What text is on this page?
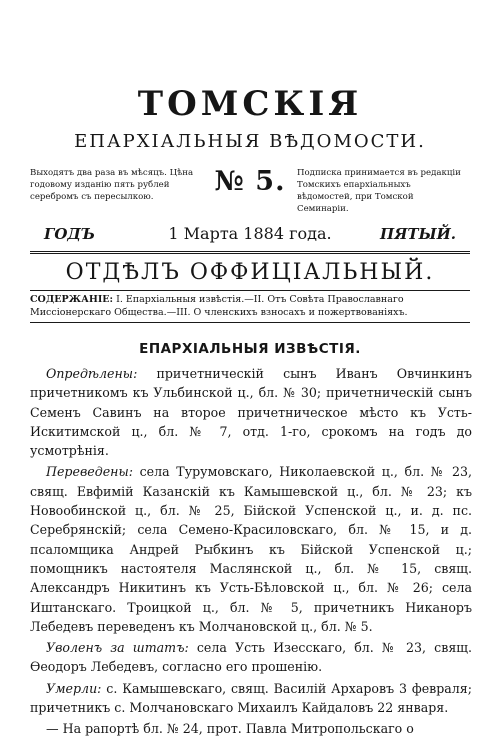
ТОМСКІЯ
ЕПАРХІАЛЬНЫЯ ВѢДОМОСТИ.
Выходятъ два раза въ мѣсяцъ. Цѣна годовому изданію пять рублей серебромъ съ пересылкою.	№ 5.	Подписка принимается въ редакціи Томскихъ епархіальныхъ вѣдомостей, при Томской Семинаріи.
ГОДЪ	1 Марта 1884 года.	ПЯТЫЙ.
ОТДѢЛЪ ОФФИЦІАЛЬНЫЙ.
СОДЕРЖАНІЕ: I. Епархіальныя извѣстія.—II. Отъ Совѣта Православнаго Миссіонерскаго Общества.—III. О членскихъ взносахъ и пожертвованіяхъ.
ЕПАРХІАЛЬНЫЯ ИЗВѢСТІЯ.

Опредѣлены: причетническій сынъ Иванъ Овчинкинъ причетникомъ къ Ульбинской ц., бл. № 30; причетническій сынъ Семенъ Савинъ на второе причетническое мѣсто къ Усть-Искитимской ц., бл. № 7, отд. 1-го, срокомъ на годъ до усмотрѣнія.

Переведены: села Турумовскаго, Николаевской ц., бл. № 23, свящ. Евфимій Казанскій къ Камышевской ц., бл. № 23; къ Новообинской ц., бл. № 25, Бійской Успенской ц., и. д. пс. Серебрянскій; села Семено-Красиловскаго, бл. № 15, и д. псаломщика Андрей Рыбкинъ къ Бійской Успенской ц.; помощникъ настоятеля Маслянской ц., бл. № 15, свящ. Александръ Никитинъ къ Усть-Бѣловской ц., бл. № 26; села Иштанскаго. Троицкой ц., бл. № 5, причетникъ Никаноръ Лебедевъ переведенъ къ Молчановской ц., бл. № 5.

Уволенъ за штатъ: села Усть Изесскаго, бл. № 23, свящ. Ѳеодоръ Лебедевъ, согласно его прошенію.

Умерли: с. Камышевскаго, свящ. Василій Архаровъ 3 февраля; причетникъ с. Молчановскаго Михаилъ Кайдаловъ 22 января.

— На рапортѣ бл. № 24, прот. Павла Митропольскаго о
